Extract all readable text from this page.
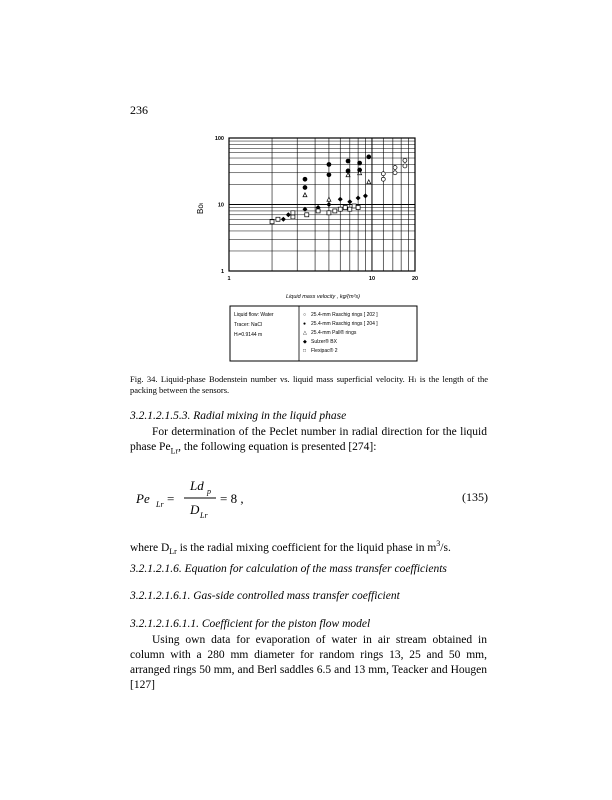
236
1
10
100
1	10	20
Boₗ
Liquid mass velocity , kg/(m²s)
Liquid flow: Water
Tracer: NaCl
Hₗ=0.9144 m
○ 25.4-mm Raschig rings [ 202 ]
● 25.4-mm Raschig rings [ 204 ]
△ 25.4-mm Pall® rings
◆ Sulzer® BX
□ Flexipac® 2
Fig. 34. Liquid-phase Bodenstein number vs. liquid mass superficial velocity. Hₗ is the length of the packing between the sensors.
3.2.1.2.1.5.3. Radial mixing in the liquid phase
For determination of the Peclet number in radial direction for the liquid phase $Pe_{Lr}$, the following equation is presented [274]:
Pe Lr =
Ld p
D Lr
= 8 ,	(135)
where $D_{Lr}$ is the radial mixing coefficient for the liquid phase in $m^3/s$.
3.2.1.2.1.6. Equation for calculation of the mass transfer coefficients
3.2.1.2.1.6.1. Gas-side controlled mass transfer coefficient
3.2.1.2.1.6.1.1. Coefficient for the piston flow model
Using own data for evaporation of water in air stream obtained in column with a 280 mm diameter for random rings 13, 25 and 50 mm, arranged rings 50 mm, and Berl saddles 6.5 and 13 mm, Teacker and Hougen [127]
